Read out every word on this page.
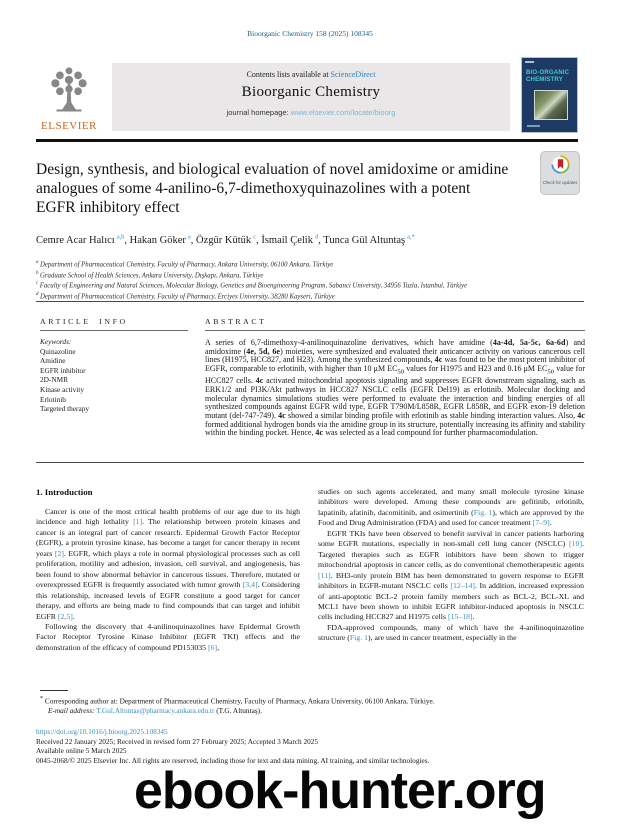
Bioorganic Chemistry 158 (2025) 108345
ELSEVIER
Contents lists available at ScienceDirect
Bioorganic Chemistry
journal homepage: www.elsevier.com/locate/bioorg
BIO-ORGANIC
CHEMISTRY
Design, synthesis, and biological evaluation of novel amidoxime or amidine
analogues of some 4-anilino-6,7-dimethoxyquinazolines with a potent
EGFR inhibitory effect
Check for updates
Cemre Acar Halıcı  $^{a,b}$ , Hakan Göker  $^a$ , Özgür Kütük  $^c$ , İsmail Çelik  $^d$ , Tunca Gül Altuntaş  $^{a,*}$
$^a$ Department of Pharmaceutical Chemistry, Faculty of Pharmacy, Ankara University, 06100 Ankara, Türkiye
$^b$ Graduate School of Health Sciences, Ankara University, Dışkapı, Ankara, Türkiye
$^c$ Faculty of Engineering and Natural Sciences, Molecular Biology, Genetics and Bioengineering Program, Sabanci University, 34956 Tuzla, Istanbul, Türkiye
$^d$ Department of Pharmaceutical Chemistry, Faculty of Pharmacy, Erciyes University, 38280 Kayseri, Türkiye
ARTICLE INFO
Keywords:
Quinazoline
Amidine
EGFR inhibitor
2D-NMR
Kinase activity
Erlotinib
Targeted therapy
ABSTRACT
A series of 6,7-dimethoxy-4-anilinoquinazoline derivatives, which have amidine (4a-4d, 5a-5c, 6a-6d) and amidoxime (4e, 5d, 6e) moieties, were synthesized and evaluated their anticancer activity on various cancerous cell lines (H1975, HCC827, and H23). Among the synthesized compounds, 4c was found to be the most potent inhibitor of EGFR, comparable to erlotinib, with higher than 10 μM $EC_{50}$ values for H1975 and H23 and 0.16 μM $EC_{50}$ value for HCC827 cells. 4c activated mitochondrial apoptosis signaling and suppresses EGFR downstream signaling, such as ERK1/2 and PI3K/Akt pathways in HCC827 NSCLC cells (EGFR Del19) as erlotinib. Molecular docking and molecular dynamics simulations studies were performed to evaluate the interaction and binding energies of all synthesized compounds against EGFR wild type, EGFR T790M/L858R, EGFR L858R, and EGFR exon-19 deletion mutant (del-747-749). 4c showed a similar binding profile with erlotinib as stable binding interaction values. Also, 4c formed additional hydrogen bonds via the amidine group in its structure, potentially increasing its affinity and stability within the binding pocket. Hence, 4c was selected as a lead compound for further pharmacomodulation.

1. Introduction

Cancer is one of the most critical health problems of our age due to its high incidence and high lethality [1]. The relationship between protein kinases and cancer is an integral part of cancer research. Epidermal Growth Factor Receptor (EGFR), a protein tyrosine kinase, has become a target for cancer therapy in recent years [2]. EGFR, which plays a role in normal physiological processes such as cell proliferation, motility and adhesion, invasion, cell survival, and angiogenesis, has been found to show abnormal behavior in cancerous tissues. Therefore, mutated or overexpressed EGFR is frequently associated with tumor growth [3,4]. Considering this relationship, increased levels of EGFR constitute a good target for cancer therapy, and efforts are being made to find compounds that can target and inhibit EGFR [2,5].

Following the discovery that 4-anilinoquinazolines have Epidermal Growth Factor Receptor Tyrosine Kinase Inhibitor (EGFR TKI) effects and the demonstration of the efficacy of compound PD153035 [6],

studies on such agents accelerated, and many small molecule tyrosine kinase inhibitors were developed. Among these compounds are gefitinib, erlotinib, lapatinib, afatinib, dacomitinib, and osimertinib (Fig. 1), which are approved by the Food and Drug Administration (FDA) and used for cancer treatment [7–9].

EGFR TKIs have been observed to benefit survival in cancer patients harboring some EGFR mutations, especially in non-small cell lung cancer (NSCLC) [10]. Targeted therapies such as EGFR inhibitors have been shown to trigger mitochondrial apoptosis in cancer cells, as do conventional chemotherapeutic agents [11]. BH3-only protein BIM has been demonstrated to govern response to EGFR inhibitors in EGFR-mutant NSCLC cells [12–14]. In addition, increased expression of anti-apoptotic BCL-2 protein family members such as BCL-2, BCL-XL and MCL1 have been shown to inhibit EGFR inhibitor-induced apoptosis in NSCLC cells including HCC827 and H1975 cells [15–18].

FDA-approved compounds, many of which have the 4-anilinoquinazoline structure (Fig. 1), are used in cancer treatment, especially in the

* Corresponding author at: Department of Pharmaceutical Chemistry, Faculty of Pharmacy, Ankara University, 06100 Ankara, Türkiye.
E-mail address: T.Gul.Altuntas@pharmacy.ankara.edu.tr (T.G. Altuntaş).
https://doi.org/10.1016/j.bioorg.2025.108345
Received 22 January 2025; Received in revised form 27 February 2025; Accepted 3 March 2025
Available online 5 March 2025
0045-2068/© 2025 Elsevier Inc. All rights are reserved, including those for text and data mining, AI training, and similar technologies.
ebook-hunter.org
